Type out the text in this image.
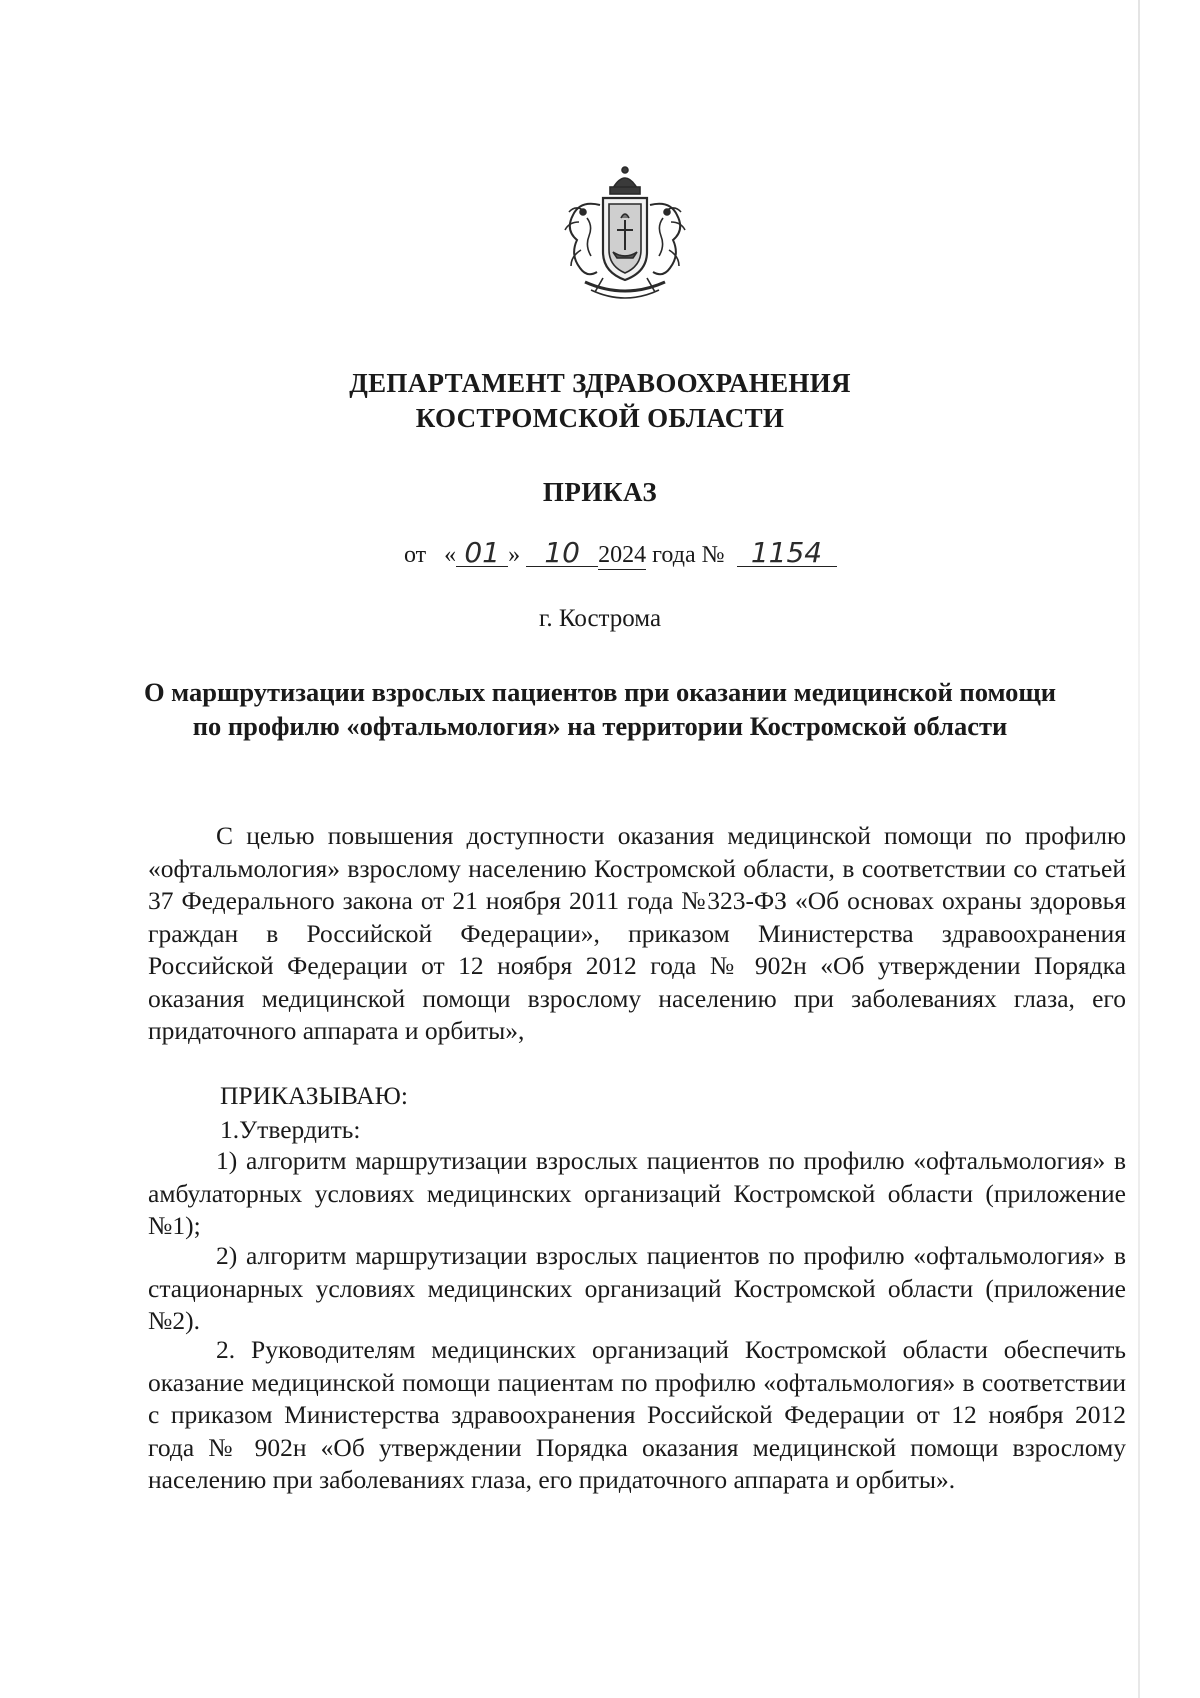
ДЕПАРТАМЕНТ ЗДРАВООХРАНЕНИЯ
КОСТРОМСКОЙ ОБЛАСТИ
ПРИКАЗ
от « 01 » 10 2024 года № 1154
г. Кострома
О маршрутизации взрослых пациентов при оказании медицинской помощи
по профилю «офтальмология» на территории Костромской области
С целью повышения доступности оказания медицинской помощи по профилю «офтальмология» взрослому населению Костромской области, в соответствии со статьей 37 Федерального закона от 21 ноября 2011 года №323-ФЗ «Об основах охраны здоровья граждан в Российской Федерации», приказом Министерства здравоохранения Российской Федерации от 12 ноября 2012 года № 902н «Об утверждении Порядка оказания медицинской помощи взрослому населению при заболеваниях глаза, его придаточного аппарата и орбиты»,
ПРИКАЗЫВАЮ:
1.Утвердить:
1) алгоритм маршрутизации взрослых пациентов по профилю «офтальмология» в амбулаторных условиях медицинских организаций Костромской области (приложение №1);
2) алгоритм маршрутизации взрослых пациентов по профилю «офтальмология» в стационарных условиях медицинских организаций Костромской области (приложение №2).
2. Руководителям медицинских организаций Костромской области обеспечить оказание медицинской помощи пациентам по профилю «офтальмология» в соответствии с приказом Министерства здравоохранения Российской Федерации от 12 ноября 2012 года № 902н «Об утверждении Порядка оказания медицинской помощи взрослому населению при заболеваниях глаза, его придаточного аппарата и орбиты».
